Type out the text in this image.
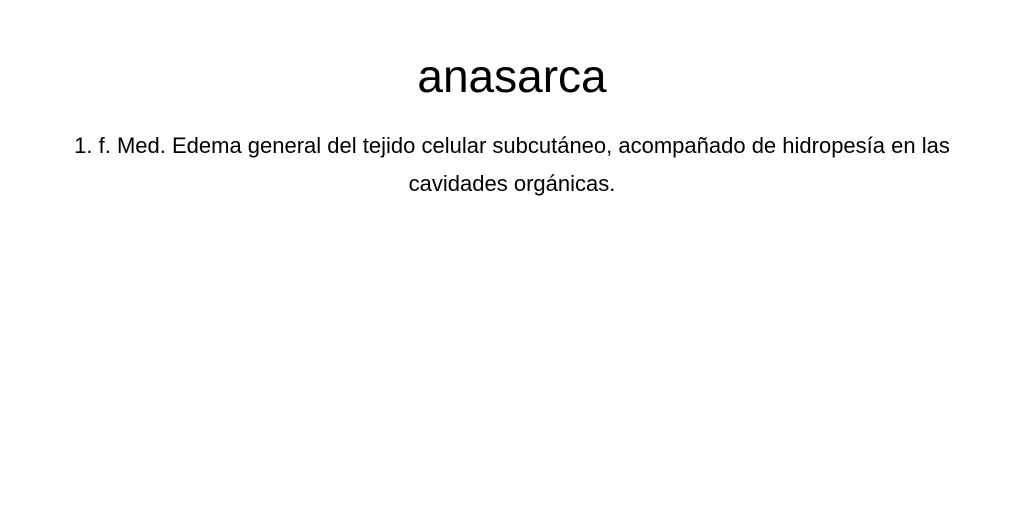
anasarca

1. f. Med. Edema general del tejido celular subcutáneo, acompañado de hidropesía en las cavidades orgánicas.
